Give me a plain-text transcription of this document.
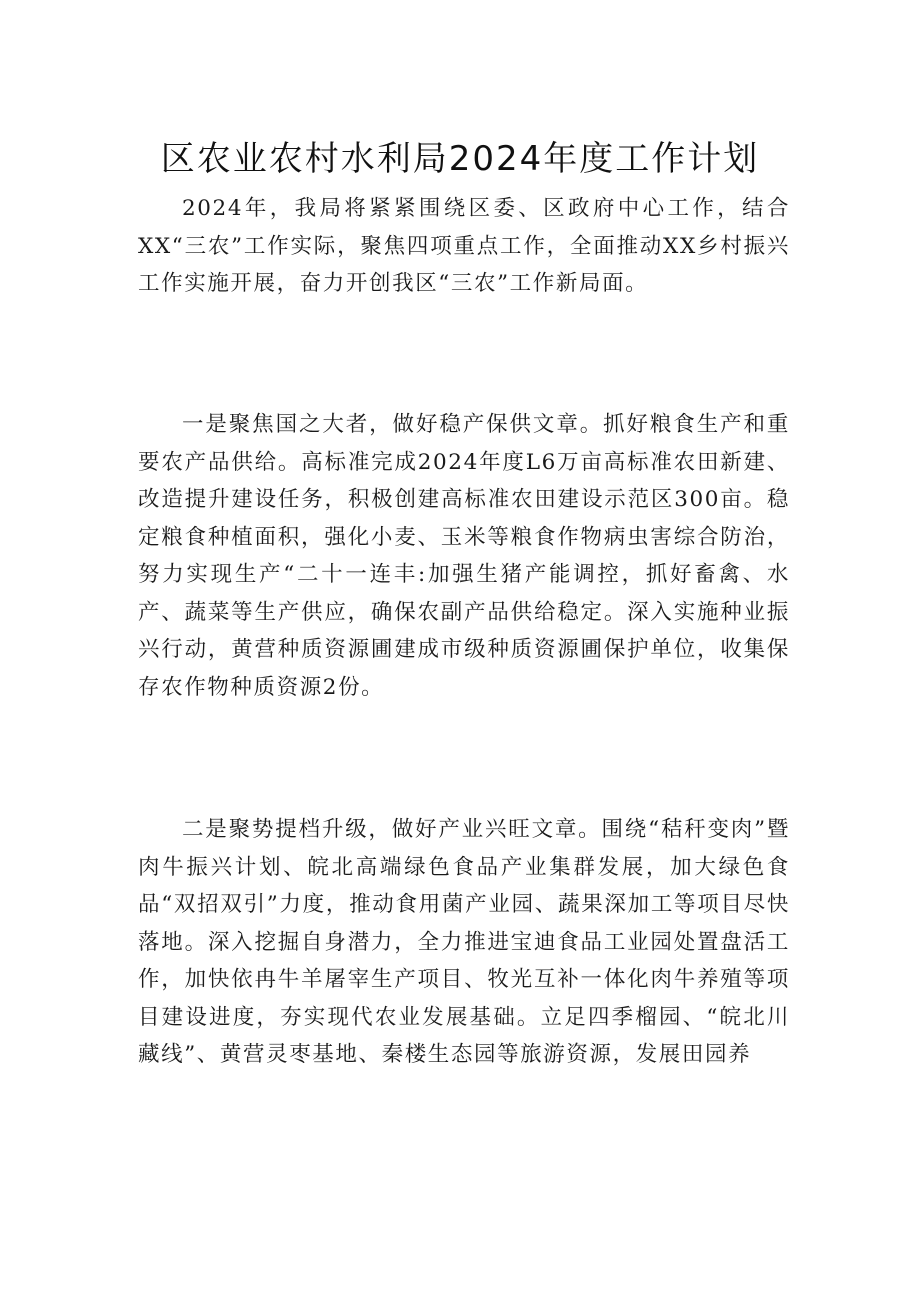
区农业农村水利局2024年度工作计划

2024年，我局将紧紧围绕区委、区政府中心工作，结合XX“三农”工作实际，聚焦四项重点工作，全面推动XX乡村振兴工作实施开展，奋力开创我区“三农”工作新局面。

一是聚焦国之大者，做好稳产保供文章。抓好粮食生产和重要农产品供给。高标准完成2024年度L6万亩高标准农田新建、改造提升建设任务，积极创建高标准农田建设示范区300亩。稳定粮食种植面积，强化小麦、玉米等粮食作物病虫害综合防治，努力实现生产“二十一连丰:加强生猪产能调控，抓好畜禽、水产、蔬菜等生产供应，确保农副产品供给稳定。深入实施种业振兴行动，黄营种质资源圃建成市级种质资源圃保护单位，收集保存农作物种质资源2份。

二是聚势提档升级，做好产业兴旺文章。围绕“秸秆变肉”暨肉牛振兴计划、皖北高端绿色食品产业集群发展，加大绿色食品“双招双引”力度，推动食用菌产业园、蔬果深加工等项目尽快落地。深入挖掘自身潜力，全力推进宝迪食品工业园处置盘活工作，加快依冉牛羊屠宰生产项目、牧光互补一体化肉牛养殖等项目建设进度，夯实现代农业发展基础。立足四季榴园、“皖北川藏线”、黄营灵枣基地、秦楼生态园等旅游资源，发展田园养
